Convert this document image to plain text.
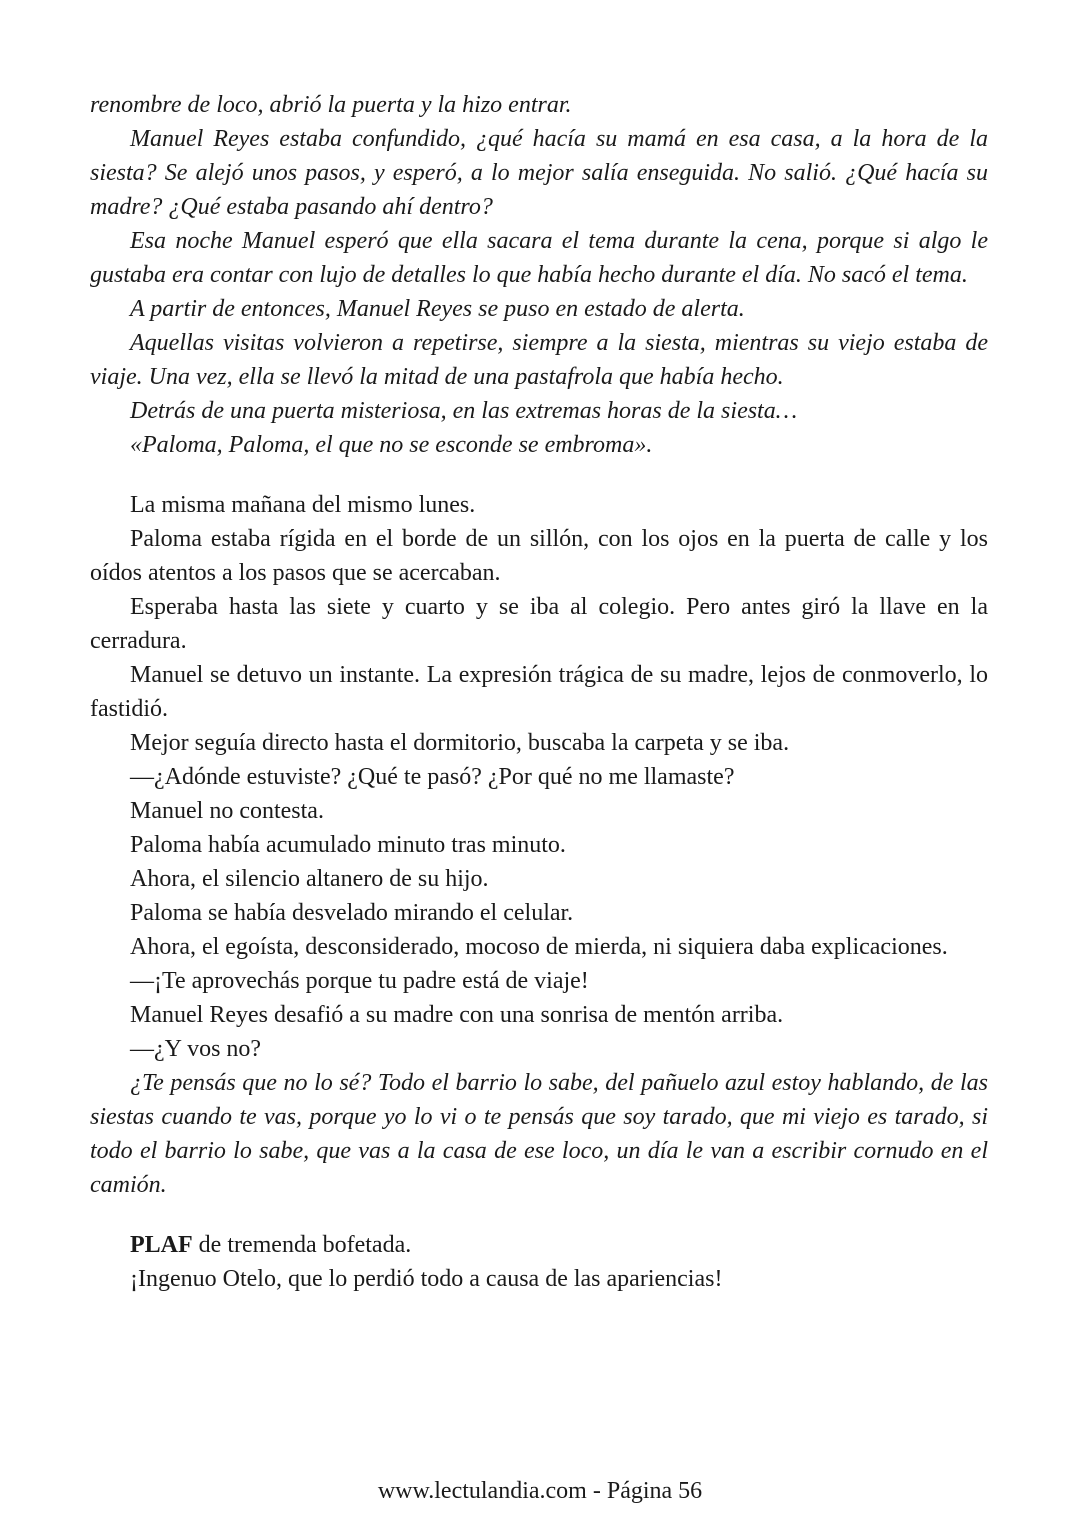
renombre de loco, abrió la puerta y la hizo entrar.

Manuel Reyes estaba confundido, ¿qué hacía su mamá en esa casa, a la hora de la siesta? Se alejó unos pasos, y esperó, a lo mejor salía enseguida. No salió. ¿Qué hacía su madre? ¿Qué estaba pasando ahí dentro?

Esa noche Manuel esperó que ella sacara el tema durante la cena, porque si algo le gustaba era contar con lujo de detalles lo que había hecho durante el día. No sacó el tema.

A partir de entonces, Manuel Reyes se puso en estado de alerta.

Aquellas visitas volvieron a repetirse, siempre a la siesta, mientras su viejo estaba de viaje. Una vez, ella se llevó la mitad de una pastafrola que había hecho.

Detrás de una puerta misteriosa, en las extremas horas de la siesta…

«Paloma, Paloma, el que no se esconde se embroma».

La misma mañana del mismo lunes.

Paloma estaba rígida en el borde de un sillón, con los ojos en la puerta de calle y los oídos atentos a los pasos que se acercaban.

Esperaba hasta las siete y cuarto y se iba al colegio. Pero antes giró la llave en la cerradura.

Manuel se detuvo un instante. La expresión trágica de su madre, lejos de conmoverlo, lo fastidió.

Mejor seguía directo hasta el dormitorio, buscaba la carpeta y se iba.

—¿Adónde estuviste? ¿Qué te pasó? ¿Por qué no me llamaste?

Manuel no contesta.

Paloma había acumulado minuto tras minuto.

Ahora, el silencio altanero de su hijo.

Paloma se había desvelado mirando el celular.

Ahora, el egoísta, desconsiderado, mocoso de mierda, ni siquiera daba explicaciones.

—¡Te aprovechás porque tu padre está de viaje!

Manuel Reyes desafió a su madre con una sonrisa de mentón arriba.

—¿Y vos no?

¿Te pensás que no lo sé? Todo el barrio lo sabe, del pañuelo azul estoy hablando, de las siestas cuando te vas, porque yo lo vi o te pensás que soy tarado, que mi viejo es tarado, si todo el barrio lo sabe, que vas a la casa de ese loco, un día le van a escribir cornudo en el camión.

PLAF de tremenda bofetada.

¡Ingenuo Otelo, que lo perdió todo a causa de las apariencias!

www.lectulandia.com - Página 56
